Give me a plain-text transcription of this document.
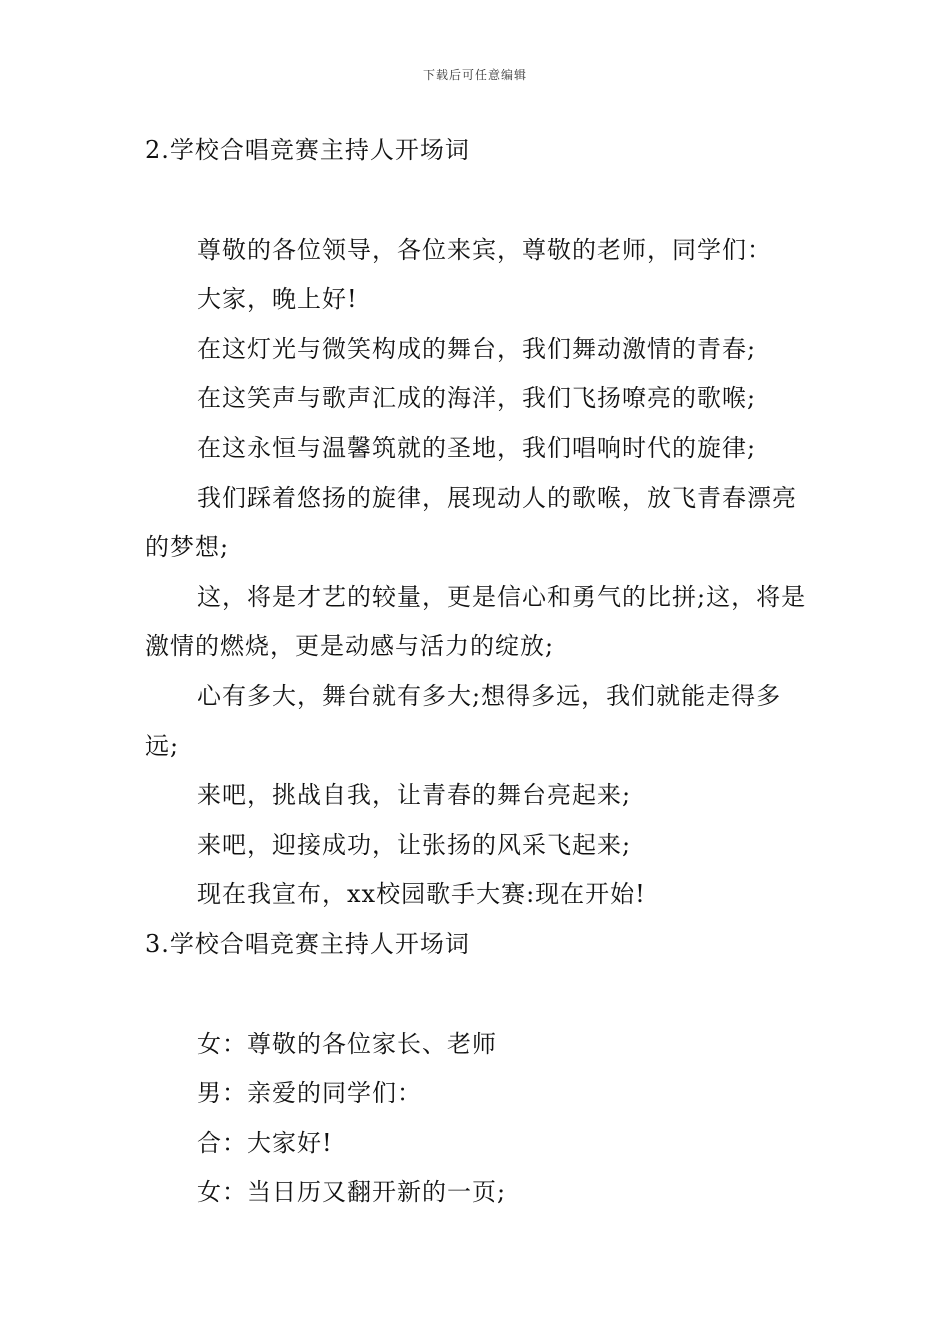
下载后可任意编辑

2.学校合唱竞赛主持人开场词

尊敬的各位领导，各位来宾，尊敬的老师，同学们：

大家，晚上好!

在这灯光与微笑构成的舞台，我们舞动激情的青春;

在这笑声与歌声汇成的海洋，我们飞扬嘹亮的歌喉;

在这永恒与温馨筑就的圣地，我们唱响时代的旋律;

我们踩着悠扬的旋律，展现动人的歌喉，放飞青春漂亮的梦想;

这，将是才艺的较量，更是信心和勇气的比拼;这，将是激情的燃烧，更是动感与活力的绽放;

心有多大，舞台就有多大;想得多远，我们就能走得多远;

来吧，挑战自我，让青春的舞台亮起来;

来吧，迎接成功，让张扬的风采飞起来;

现在我宣布，xx校园歌手大赛:现在开始!

3.学校合唱竞赛主持人开场词

女：尊敬的各位家长、老师

男：亲爱的同学们：

合：大家好!

女：当日历又翻开新的一页;
